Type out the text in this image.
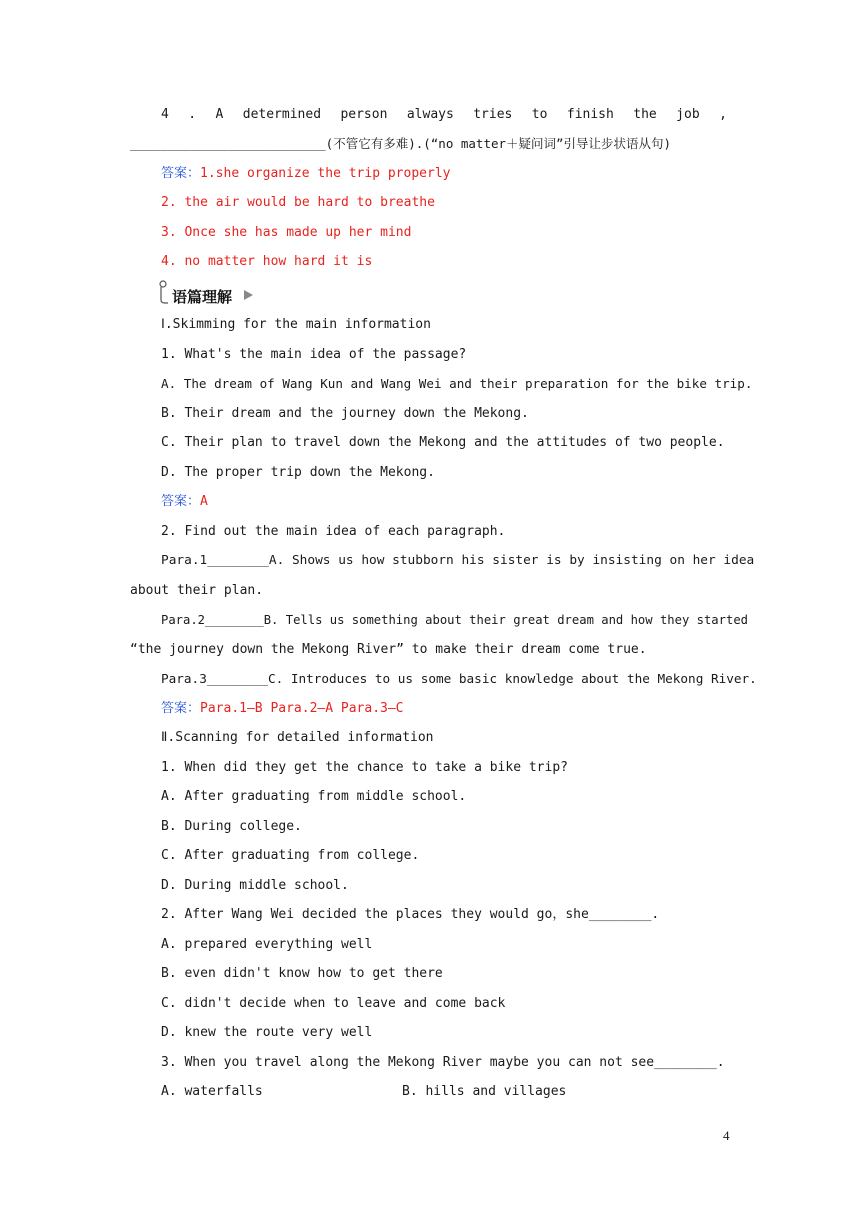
4 . A determined person always tries to finish the job ,
__________________________(不管它有多难).(“no matter＋疑问词”引导让步状语从句)
答案：1.she organize the trip properly
2. the air would be hard to breathe
3. Once she has made up her mind
4. no matter how hard it is
语篇理解
Ⅰ.Skimming for the main information
1. What's the main idea of the passage?
A. The dream of Wang Kun and Wang Wei and their preparation for the bike trip.
B. Their dream and the journey down the Mekong.
C. Their plan to travel down the Mekong and the attitudes of two people.
D. The proper trip down the Mekong.
答案：A
2. Find out the main idea of each paragraph.
Para.1________A. Shows us how stubborn his sister is by insisting on her idea
about their plan.
Para.2________B. Tells us something about their great dream and how they started
“the journey down the Mekong River” to make their dream come true.
Para.3________C. Introduces to us some basic knowledge about the Mekong River.
答案：Para.1—B Para.2—A Para.3—C
Ⅱ.Scanning for detailed information
1. When did they get the chance to take a bike trip?
A. After graduating from middle school.
B. During college.
C. After graduating from college.
D. During middle school.
2. After Wang Wei decided the places they would go，she________.
A. prepared everything well
B. even didn't know how to get there
C. didn't decide when to leave and come back
D. knew the route very well
3. When you travel along the Mekong River maybe you can not see________.
A. waterfalls	B. hills and villages
4
